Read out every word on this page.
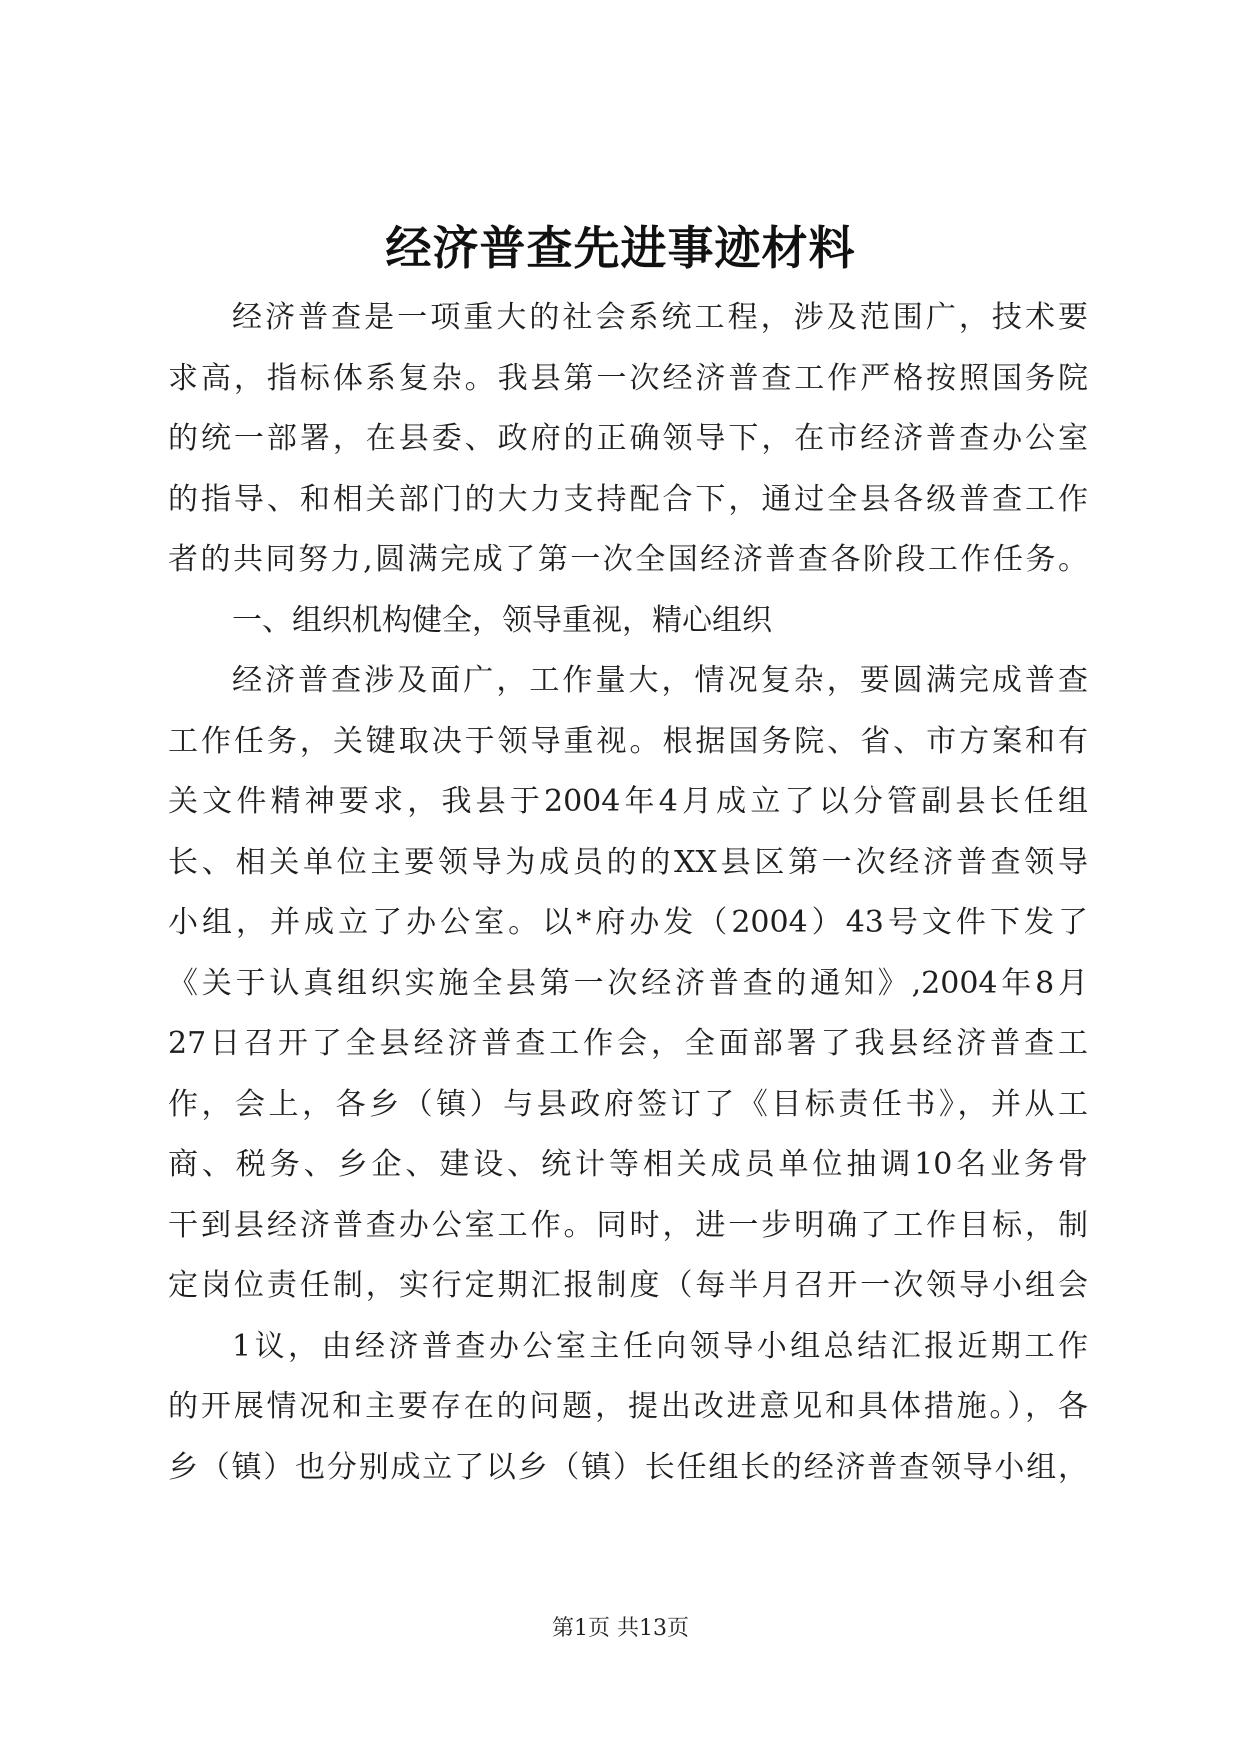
经济普查先进事迹材料
经济普查是一项重大的社会系统工程，涉及范围广，技术要
求高，指标体系复杂。我县第一次经济普查工作严格按照国务院
的统一部署，在县委、政府的正确领导下，在市经济普查办公室
的指导、和相关部门的大力支持配合下，通过全县各级普查工作
者的共同努力,圆满完成了第一次全国经济普查各阶段工作任务。
一、组织机构健全，领导重视，精心组织
经济普查涉及面广，工作量大，情况复杂，要圆满完成普查
工作任务，关键取决于领导重视。根据国务院、省、市方案和有
关文件精神要求，我县于2004年4月成立了以分管副县长任组
长、相关单位主要领导为成员的的XX县区第一次经济普查领导
小组，并成立了办公室。以*府办发（2004）43号文件下发了
《关于认真组织实施全县第一次经济普查的通知》,2004年8月
27日召开了全县经济普查工作会，全面部署了我县经济普查工
作，会上，各乡（镇）与县政府签订了《目标责任书》，并从工
商、税务、乡企、建设、统计等相关成员单位抽调10名业务骨
干到县经济普查办公室工作。同时，进一步明确了工作目标，制
定岗位责任制，实行定期汇报制度（每半月召开一次领导小组会
1议，由经济普查办公室主任向领导小组总结汇报近期工作
的开展情况和主要存在的问题，提出改进意见和具体措施。），各
乡（镇）也分别成立了以乡（镇）长任组长的经济普查领导小组，
第1页 共13页
